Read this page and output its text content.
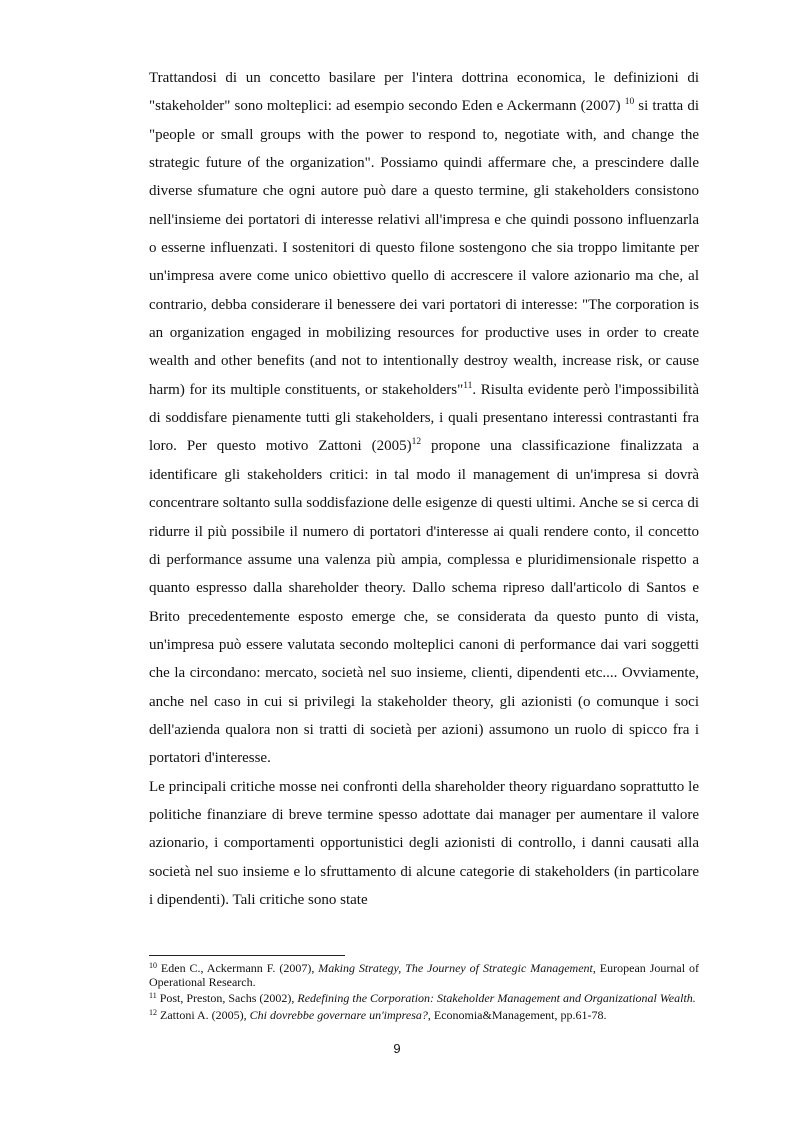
Trattandosi di un concetto basilare per l'intera dottrina economica, le definizioni di "stakeholder" sono molteplici: ad esempio secondo Eden e Ackermann (2007) $^{10}$ si tratta di "people or small groups with the power to respond to, negotiate with, and change the strategic future of the organization". Possiamo quindi affermare che, a prescindere dalle diverse sfumature che ogni autore può dare a questo termine, gli stakeholders consistono nell'insieme dei portatori di interesse relativi all'impresa e che quindi possono influenzarla o esserne influenzati. I sostenitori di questo filone sostengono che sia troppo limitante per un'impresa avere come unico obiettivo quello di accrescere il valore azionario ma che, al contrario, debba considerare il benessere dei vari portatori di interesse: "The corporation is an organization engaged in mobilizing resources for productive uses in order to create wealth and other benefits (and not to intentionally destroy wealth, increase risk, or cause harm) for its multiple constituents, or stakeholders"$^{11}$. Risulta evidente però l'impossibilità di soddisfare pienamente tutti gli stakeholders, i quali presentano interessi contrastanti fra loro. Per questo motivo Zattoni $(2005)^{12}$ propone una classificazione finalizzata a identificare gli stakeholders critici: in tal modo il management di un'impresa si dovrà concentrare soltanto sulla soddisfazione delle esigenze di questi ultimi. Anche se si cerca di ridurre il più possibile il numero di portatori d'interesse ai quali rendere conto, il concetto di performance assume una valenza più ampia, complessa e pluridimensionale rispetto a quanto espresso dalla shareholder theory. Dallo schema ripreso dall'articolo di Santos e Brito precedentemente esposto emerge che, se considerata da questo punto di vista, un'impresa può essere valutata secondo molteplici canoni di performance dai vari soggetti che la circondano: mercato, società nel suo insieme, clienti, dipendenti etc.... Ovviamente, anche nel caso in cui si privilegi la stakeholder theory, gli azionisti (o comunque i soci dell'azienda qualora non si tratti di società per azioni) assumono un ruolo di spicco fra i portatori d'interesse.

Le principali critiche mosse nei confronti della shareholder theory riguardano soprattutto le politiche finanziare di breve termine spesso adottate dai manager per aumentare il valore azionario, i comportamenti opportunistici degli azionisti di controllo, i danni causati alla società nel suo insieme e lo sfruttamento di alcune categorie di stakeholders (in particolare i dipendenti). Tali critiche sono state

$^{10}$ Eden C., Ackermann F. (2007), Making Strategy, The Journey of Strategic Management, European Journal of Operational Research.

$^{11}$ Post, Preston, Sachs (2002), Redefining the Corporation: Stakeholder Management and Organizational Wealth.

$^{12}$ Zattoni A. (2005), Chi dovrebbe governare un'impresa?, Economia&Management, pp.61-78.

9
